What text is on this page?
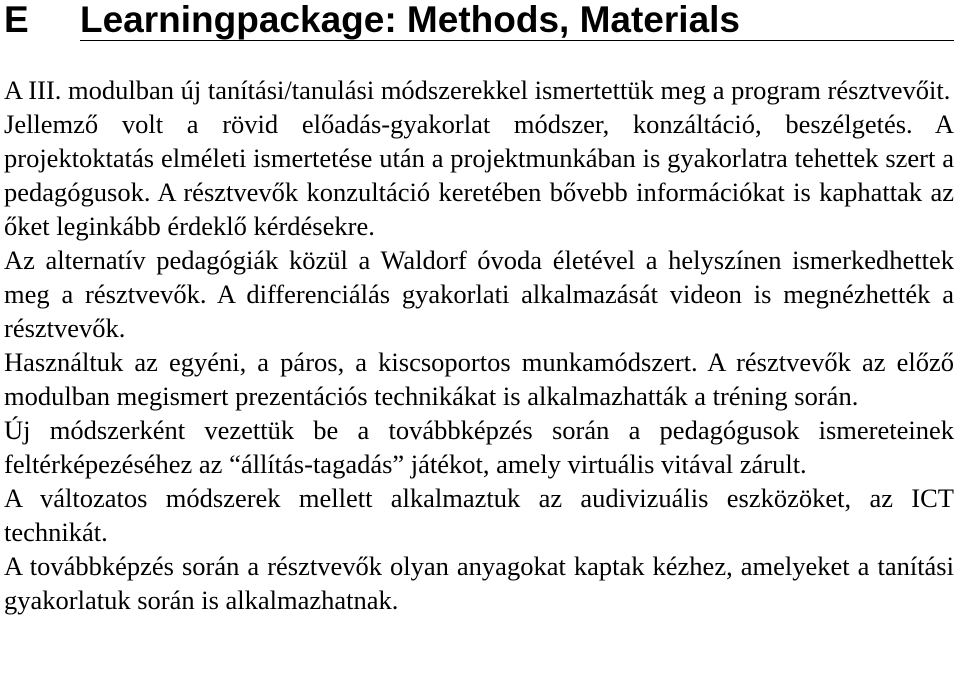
E	Learningpackage: Methods, Materials

A III. modulban új tanítási/tanulási módszerekkel ismertettük meg a program résztvevőit.

Jellemző volt a rövid előadás-gyakorlat módszer, konzáltáció, beszélgetés. A projektoktatás elméleti ismertetése után a projektmunkában is gyakorlatra tehettek szert a pedagógusok. A résztvevők konzultáció keretében bővebb információkat is kaphattak az őket leginkább érdeklő kérdésekre.

Az alternatív pedagógiák közül a Waldorf óvoda életével a helyszínen ismerkedhettek meg a résztvevők. A differenciálás gyakorlati alkalmazását videon is megnézhették a résztvevők.

Használtuk az egyéni, a páros, a kiscsoportos munkamódszert. A résztvevők az előző modulban megismert prezentációs technikákat is alkalmazhatták a tréning során.

Új módszerként vezettük be a továbbképzés során a pedagógusok ismereteinek feltérképezéséhez az “állítás-tagadás” játékot, amely virtuális vitával zárult.

A változatos módszerek mellett alkalmaztuk az audivizuális eszközöket, az ICT technikát.

A továbbképzés során a résztvevők olyan anyagokat kaptak kézhez, amelyeket a tanítási gyakorlatuk során is alkalmazhatnak.
